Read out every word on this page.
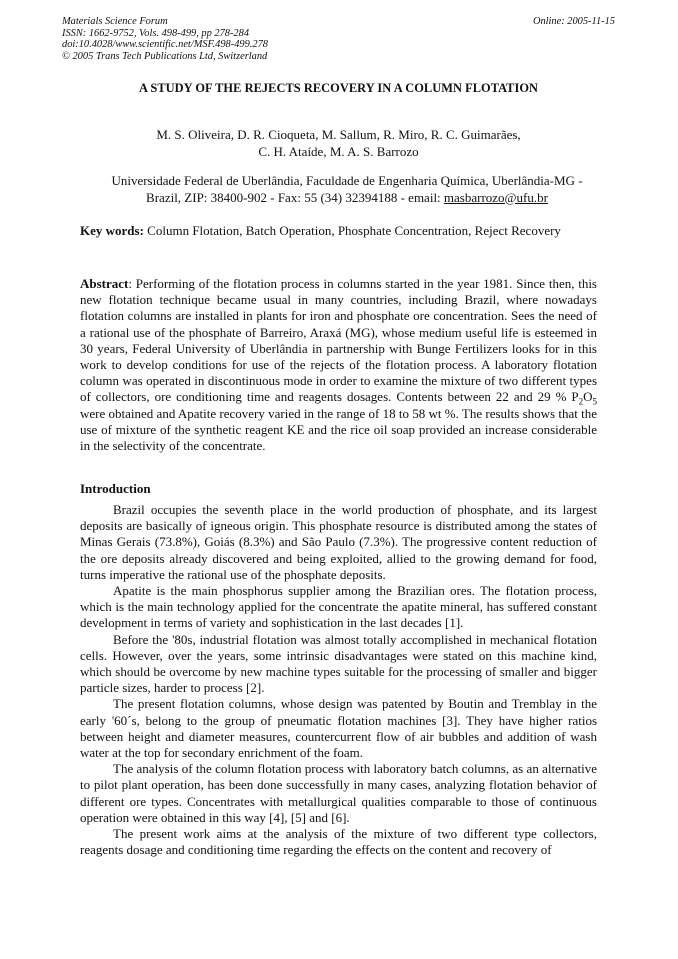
Materials Science Forum
ISSN: 1662-9752, Vols. 498-499, pp 278-284
doi:10.4028/www.scientific.net/MSF.498-499.278
© 2005 Trans Tech Publications Ltd, Switzerland
Online: 2005-11-15
A STUDY OF THE REJECTS RECOVERY IN A COLUMN FLOTATION
M. S. Oliveira, D. R. Cioqueta, M. Sallum, R. Miro, R. C. Guimarães,
C. H. Ataíde, M. A. S. Barrozo
Universidade Federal de Uberlândia, Faculdade de Engenharia Química, Uberlândia-MG -
Brazil, ZIP: 38400-902 - Fax: 55 (34) 32394188 - email: masbarrozo@ufu.br
Key words: Column Flotation, Batch Operation, Phosphate Concentration, Reject Recovery

Abstract: Performing of the flotation process in columns started in the year 1981. Since then, this new flotation technique became usual in many countries, including Brazil, where nowadays flotation columns are installed in plants for iron and phosphate ore concentration. Sees the need of a rational use of the phosphate of Barreiro, Araxá (MG), whose medium useful life is esteemed in 30 years, Federal University of Uberlândia in partnership with Bunge Fertilizers looks for in this work to develop conditions for use of the rejects of the flotation process. A laboratory flotation column was operated in discontinuous mode in order to examine the mixture of two different types of collectors, ore conditioning time and reagents dosages. Contents between 22 and 29 % $P_2O_5$ were obtained and Apatite recovery varied in the range of 18 to 58 wt %. The results shows that the use of mixture of the synthetic reagent KE and the rice oil soap provided an increase considerable in the selectivity of the concentrate.

Introduction

Brazil occupies the seventh place in the world production of phosphate, and its largest deposits are basically of igneous origin. This phosphate resource is distributed among the states of Minas Gerais (73.8%), Goiás (8.3%) and São Paulo (7.3%). The progressive content reduction of the ore deposits already discovered and being exploited, allied to the growing demand for food, turns imperative the rational use of the phosphate deposits.

Apatite is the main phosphorus supplier among the Brazilian ores. The flotation process, which is the main technology applied for the concentrate the apatite mineral, has suffered constant development in terms of variety and sophistication in the last decades [1].

Before the '80s, industrial flotation was almost totally accomplished in mechanical flotation cells. However, over the years, some intrinsic disadvantages were stated on this machine kind, which should be overcome by new machine types suitable for the processing of smaller and bigger particle sizes, harder to process [2].

The present flotation columns, whose design was patented by Boutin and Tremblay in the early '60´s, belong to the group of pneumatic flotation machines [3]. They have higher ratios between height and diameter measures, countercurrent flow of air bubbles and addition of wash water at the top for secondary enrichment of the foam.

The analysis of the column flotation process with laboratory batch columns, as an alternative to pilot plant operation, has been done successfully in many cases, analyzing flotation behavior of different ore types. Concentrates with metallurgical qualities comparable to those of continuous operation were obtained in this way [4], [5] and [6].

The present work aims at the analysis of the mixture of two different type collectors, reagents dosage and conditioning time regarding the effects on the content and recovery of
